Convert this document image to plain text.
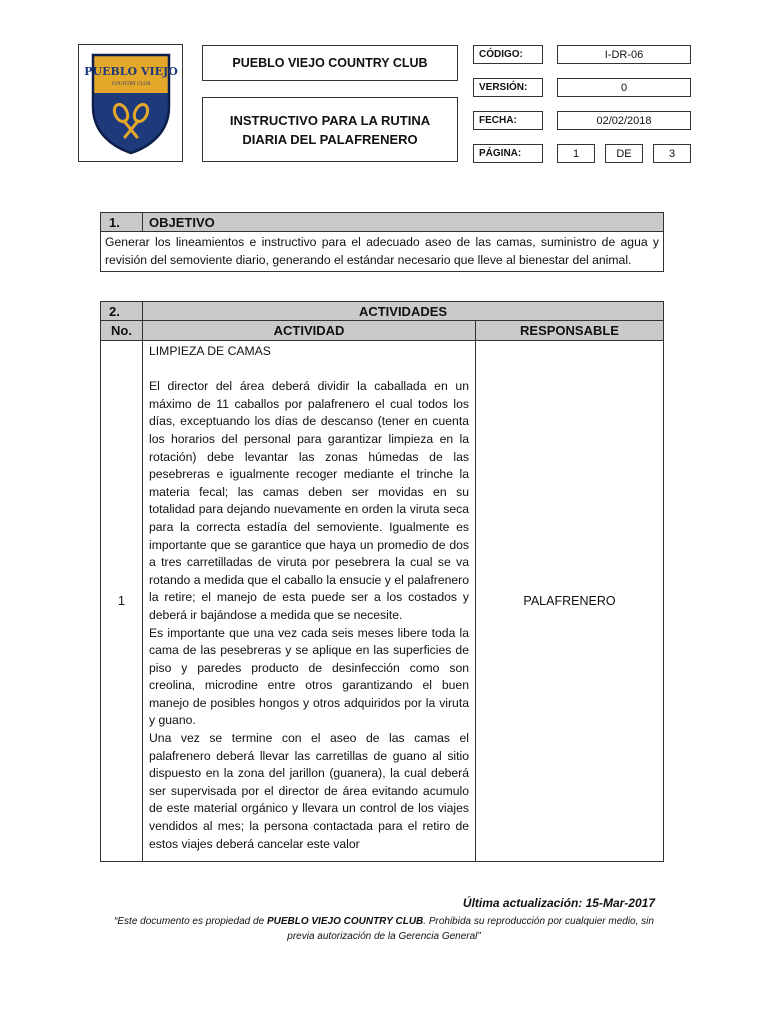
PUEBLO VIEJO
COUNTRY CLUB
PUEBLO VIEJO COUNTRY CLUB
INSTRUCTIVO PARA LA RUTINA
DIARIA DEL PALAFRENERO
CÓDIGO:	I-DR-06
VERSIÓN:	0
FECHA:	02/02/2018
PÁGINA:	1	DE	3
1.	OBJETIVO
Generar los lineamientos e instructivo para el adecuado aseo de las camas, suministro de agua y revisión del semoviente diario, generando el estándar necesario que lleve al bienestar del animal.
2.	ACTIVIDADES	
No.	ACTIVIDAD	RESPONSABLE
1	LIMPIEZA DE CAMAS
El director del área deberá dividir la caballada en un máximo de 11 caballos por palafrenero el cual todos los días, exceptuando los días de descanso (tener en cuenta los horarios del personal para garantizar limpieza en la rotación) debe levantar las zonas húmedas de las pesebreras e igualmente recoger mediante el trinche la materia fecal; las camas deben ser movidas en su totalidad para dejando nuevamente en orden la viruta seca para la correcta estadía del semoviente. Igualmente es importante que se garantice que haya un promedio de dos a tres carretilladas de viruta por pesebrera la cual se va rotando a medida que el caballo la ensucie y el palafrenero la retire; el manejo de esta puede ser a los costados y deberá ir bajándose a medida que se necesite.
Es importante que una vez cada seis meses libere toda la cama de las pesebreras y se aplique en las superficies de piso y paredes producto de desinfección como son creolina, microdine entre otros garantizando el buen manejo de posibles hongos y otros adquiridos por la viruta y guano.
Una vez se termine con el aseo de las camas el palafrenero deberá llevar las carretillas de guano al sitio dispuesto en la zona del jarillon (guanera), la cual deberá ser supervisada por el director de área evitando acumulo de este material orgánico y llevara un control de los viajes vendidos al mes; la persona contactada para el retiro de estos viajes deberá cancelar este valor	PALAFRENERO
Última actualización: 15-Mar-2017
“Este documento es propiedad de PUEBLO VIEJO COUNTRY CLUB. Prohibida su reproducción por cualquier medio, sin previa autorización de la Gerencia General”
